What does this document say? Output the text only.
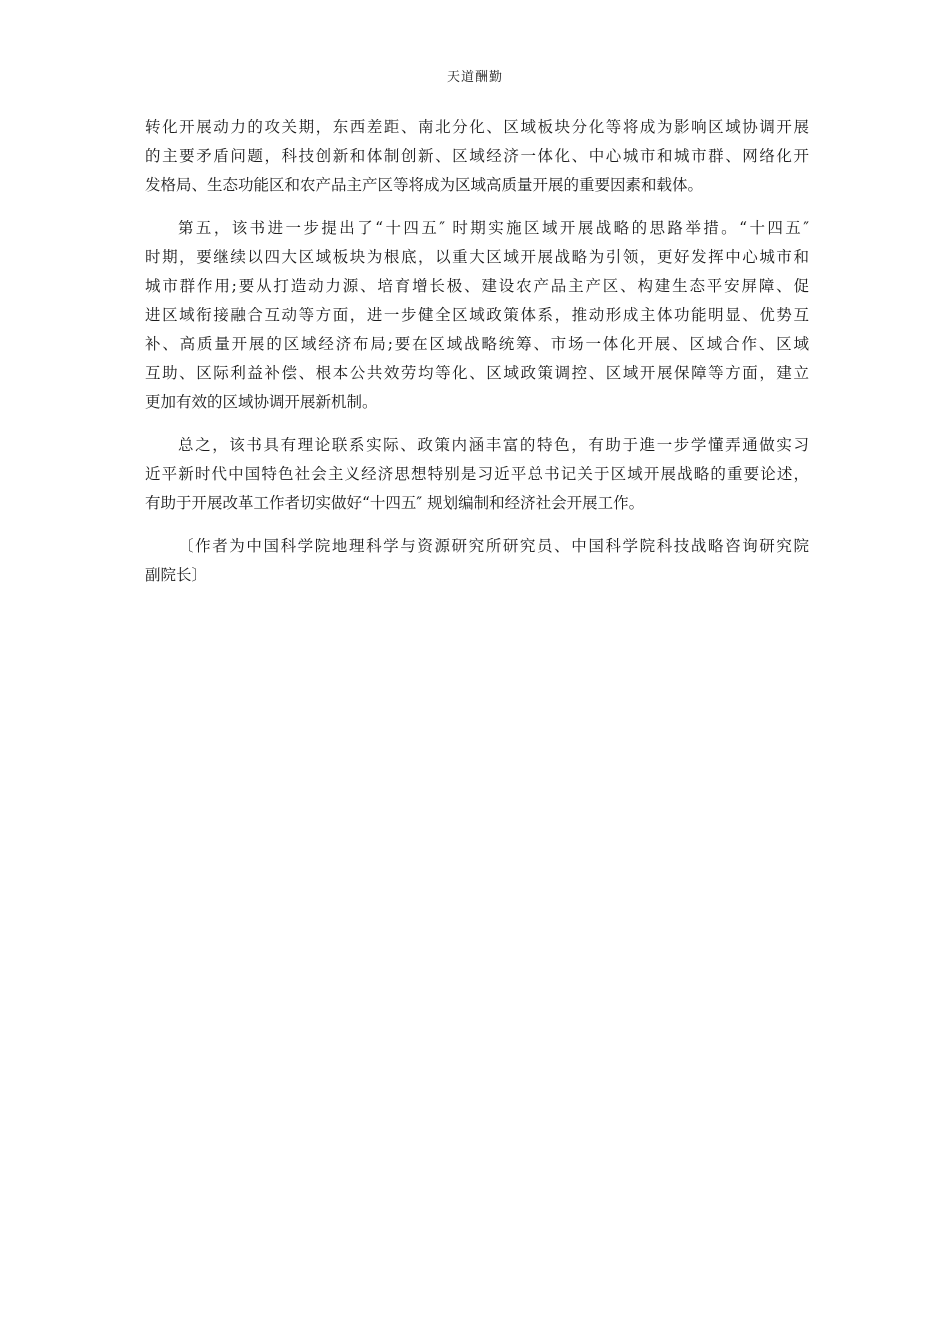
天道酬勤
转化开展动力的攻关期，东西差距、南北分化、区域板块分化等将成为影响区域协调开展
的主要矛盾问题，科技创新和体制创新、区域经济一体化、中心城市和城市群、网络化开
发格局、生态功能区和农产品主产区等将成为区域高质量开展的重要因素和载体。
第五，该书进一步提出了“十四五″ 时期实施区域开展战略的思路举措。“十四五″
时期，要继续以四大区域板块为根底，以重大区域开展战略为引领，更好发挥中心城市和
城市群作用;要从打造动力源、培育增长极、建设农产品主产区、构建生态平安屏障、促
进区域衔接融合互动等方面，进一步健全区域政策体系，推动形成主体功能明显、优势互
补、高质量开展的区域经济布局;要在区域战略统筹、市场一体化开展、区域合作、区域
互助、区际利益补偿、根本公共效劳均等化、区域政策调控、区域开展保障等方面，建立
更加有效的区域协调开展新机制。
总之，该书具有理论联系实际、政策内涵丰富的特色，有助于進一步学懂弄通做实习
近平新时代中国特色社会主义经济思想特别是习近平总书记关于区域开展战略的重要论述，
有助于开展改革工作者切实做好“十四五″ 规划编制和经济社会开展工作。
〔作者为中国科学院地理科学与资源研究所研究员、中国科学院科技战略咨询研究院
副院长〕
